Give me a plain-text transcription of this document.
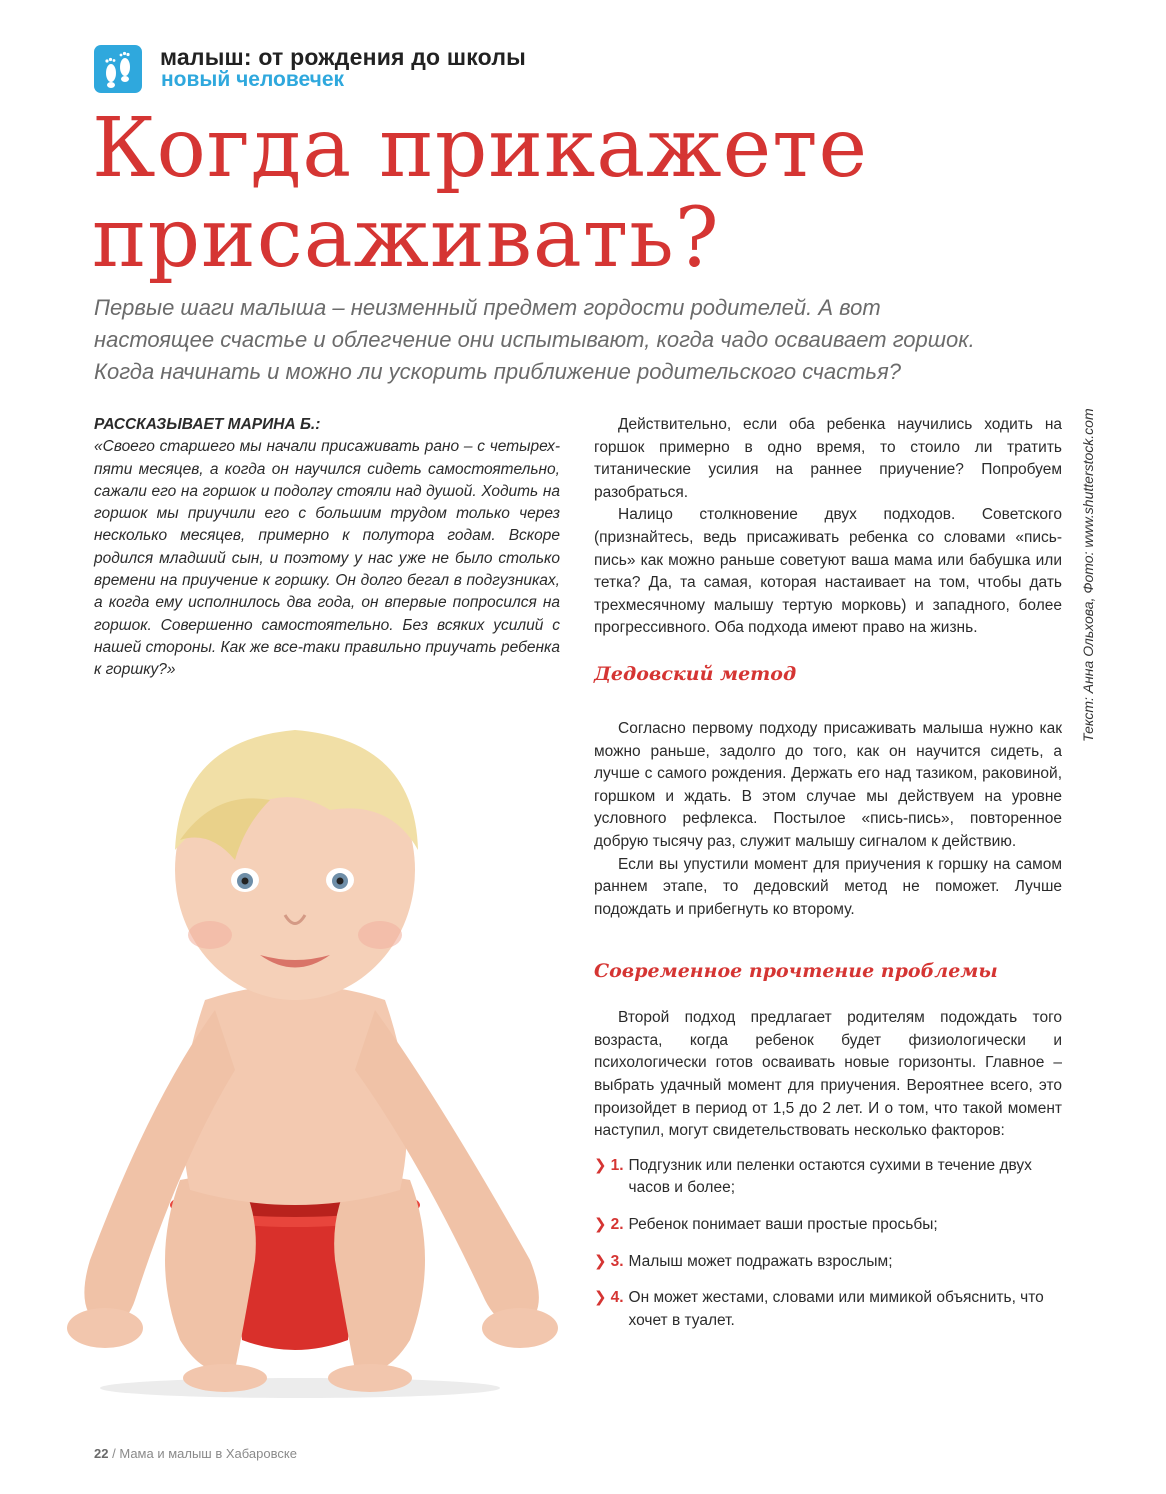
малыш: от рождения до школы
новый человечек
Когда прикажете
присаживать?
Первые шаги малыша – неизменный предмет гордости родителей. А вот
настоящее счастье и облегчение они испытывают, когда чадо осваивает горшок.
Когда начинать и можно ли ускорить приближение родительского счастья?
РАССКАЗЫВАЕТ МАРИНА Б.:

«Своего старшего мы начали присаживать рано – с четырех-пяти месяцев, а когда он научился сидеть самостоятельно, сажали его на горшок и подолгу стояли над душой. Ходить на горшок мы приучили его с большим трудом только через несколько месяцев, примерно к полутора годам. Вскоре родился младший сын, и поэтому у нас уже не было столько времени на приучение к горшку. Он долго бегал в подгузниках, а когда ему исполнилось два года, он впервые попросился на горшок. Совершенно самостоятельно. Без всяких усилий с нашей стороны. Как же все-таки правильно приучать ребенка к горшку?»

Действительно, если оба ребенка научились ходить на горшок примерно в одно время, то стоило ли тратить титанические усилия на раннее приучение? Попробуем разобраться.

Налицо столкновение двух подходов. Советского (признайтесь, ведь присаживать ребенка со словами «пись-пись» как можно раньше советуют ваша мама или бабушка или тетка? Да, та самая, которая настаивает на том, чтобы дать трехмесячному малышу тертую морковь) и западного, более прогрессивного. Оба подхода имеют право на жизнь.

Дедовский метод

Согласно первому подходу присаживать малыша нужно как можно раньше, задолго до того, как он научится сидеть, а лучше с самого рождения. Держать его над тазиком, раковиной, горшком и ждать. В этом случае мы действуем на уровне условного рефлекса. Постылое «пись-пись», повторенное добрую тысячу раз, служит малышу сигналом к действию.

Если вы упустили момент для приучения к горшку на самом раннем этапе, то дедовский метод не поможет. Лучше подождать и прибегнуть ко второму.

Современное прочтение проблемы

Второй подход предлагает родителям подождать того возраста, когда ребенок будет физиологически и психологически готов осваивать новые горизонты. Главное – выбрать удачный момент для приучения. Вероятнее всего, это произойдет в период от 1,5 до 2 лет. И о том, что такой момент наступил, могут свидетельствовать несколько факторов:

❯ 1. Подгузник или пеленки остаются сухими в течение двух часов и более;
❯ 2. Ребенок понимает ваши простые просьбы;
❯ 3. Малыш может подражать взрослым;
❯ 4. Он может жестами, словами или мимикой объяснить, что хочет в туалет.
Текст: Анна Ольхова, Фото: www.shutterstock.com
22 / Мама и малыш в Хабаровске
